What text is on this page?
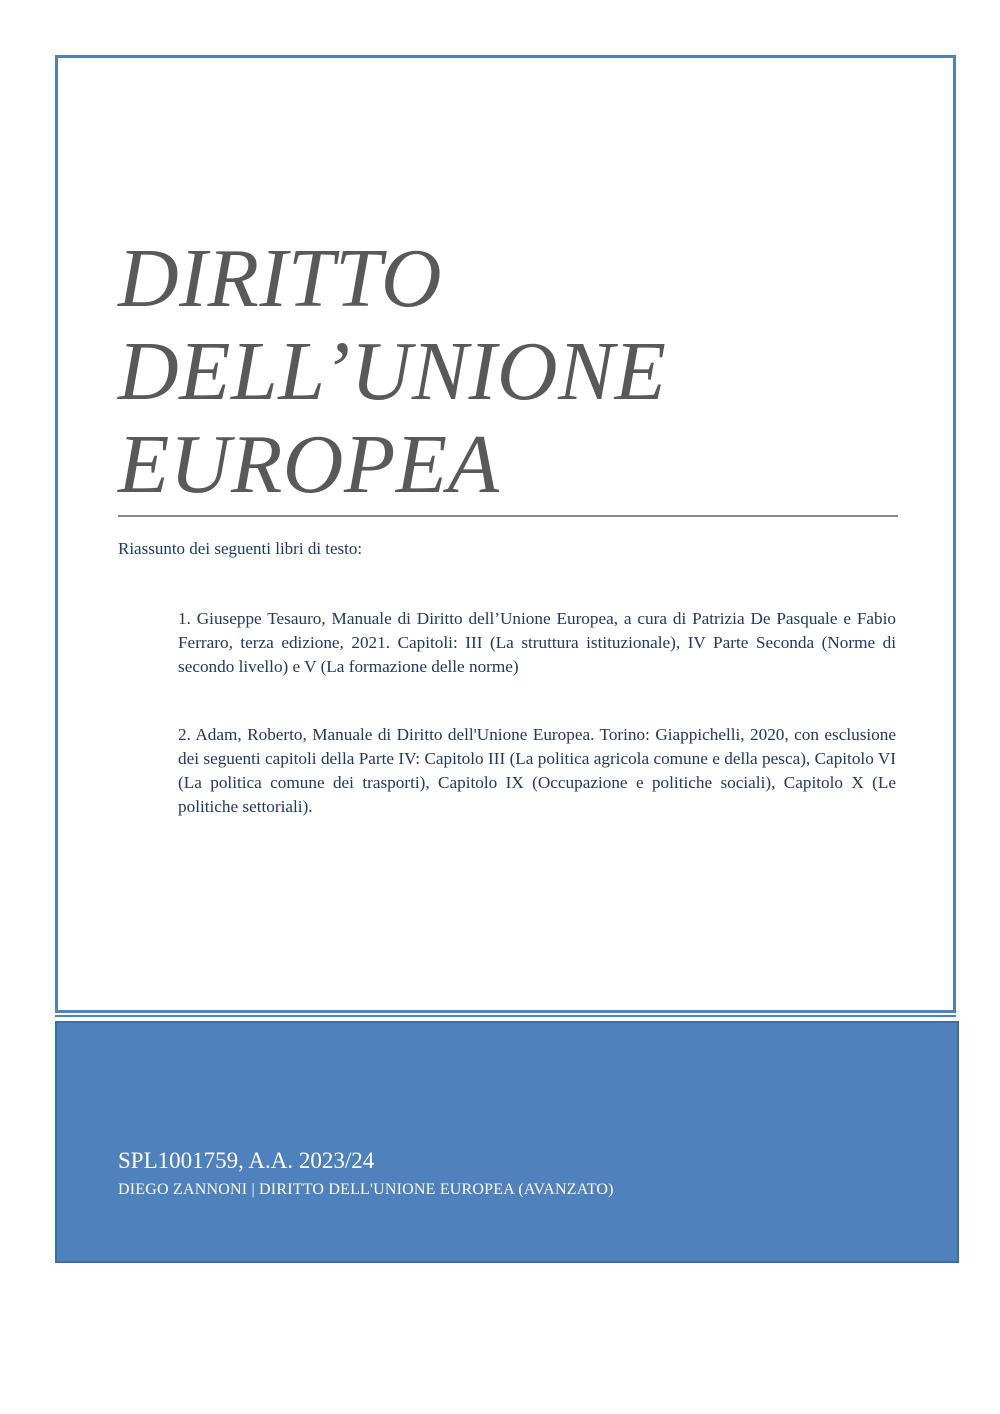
DIRITTO
DELL’UNIONE
EUROPEA

Riassunto dei seguenti libri di testo:

1. Giuseppe Tesauro, Manuale di Diritto dell’Unione Europea, a cura di Patrizia De Pasquale e Fabio Ferraro, terza edizione, 2021. Capitoli: III (La struttura istituzionale), IV Parte Seconda (Norme di secondo livello) e V (La formazione delle norme)

2. Adam, Roberto, Manuale di Diritto dell'Unione Europea. Torino: Giappichelli, 2020, con esclusione dei seguenti capitoli della Parte IV: Capitolo III (La politica agricola comune e della pesca), Capitolo VI (La politica comune dei trasporti), Capitolo IX (Occupazione e politiche sociali), Capitolo X (Le politiche settoriali).

SPL1001759, A.A. 2023/24

DIEGO ZANNONI | DIRITTO DELL'UNIONE EUROPEA (AVANZATO)
